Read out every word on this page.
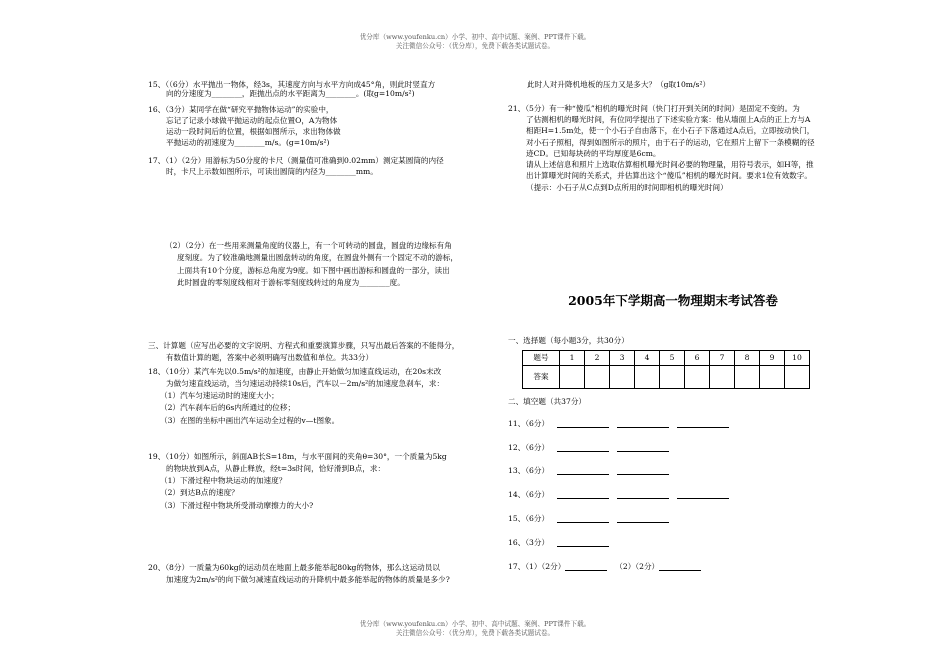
优分库（www.youfenku.cn）小学、初中、高中试题、案例、PPT课件下载。
关注微信公众号：（优分库），免费下载各类试题试卷。
15、（（6分）水平抛出一物体，经3s，其速度方向与水平方向成45°角，则此时竖直方
向的分速度为________，距抛出点的水平距离为________。(取g=10m/s²)
16、（3分）某同学在做“研究平抛物体运动”的实验中，
忘记了记录小球做平抛运动的起点位置O，A为物体
运动一段时间后的位置，根据如图所示，求出物体做
平抛运动的初速度为________m/s。(g=10m/s²)
17、（1）（2分）用游标为50分度的卡尺（测量值可准确到0.02mm）测定某圆筒的内径
时，卡尺上示数如图所示，可读出圆筒的内径为________mm。
（2）（2分）在一些用来测量角度的仪器上，有一个可转动的圆盘，圆盘的边缘标有角
度刻度。为了较准确地测量出圆盘转动的角度，在圆盘外侧有一个固定不动的游标，
上面共有10个分度，游标总角度为9度。如下图中画出游标和圆盘的一部分，读出
此时圆盘的零刻度线相对于游标零刻度线转过的角度为________度。
三、计算题（应写出必要的文字说明、方程式和重要演算步骤，只写出最后答案的不能得分，
有数值计算的题，答案中必须明确写出数值和单位。共33分）
18、（10分）某汽车先以0.5m/s²的加速度，由静止开始做匀加速直线运动，在20s末改
为做匀速直线运动，当匀速运动持续10s后，汽车以－2m/s²的加速度急刹车，求：
（1）汽车匀速运动时的速度大小；
（2）汽车刹车后的6s内所通过的位移；
（3）在图的坐标中画出汽车运动全过程的v—t图象。
19、（10分）如图所示，斜面AB长S=18m，与水平面间的夹角θ=30°，一个质量为5kg
的物块放到A点，从静止释放，经t=3s时间，恰好滑到B点，求：
（1）下滑过程中物块运动的加速度？
（2）到达B点的速度？
（3）下滑过程中物块所受滑动摩擦力的大小?
20、（8分）一质量为60kg的运动员在地面上最多能举起80kg的物体，那么这运动员以
加速度为2m/s²的向下做匀减速直线运动的升降机中最多能举起的物体的质量是多少?
此时人对升降机地板的压力又是多大？（g取10m/s²）
21、（5分）有一种“傻瓜”相机的曝光时间（快门打开到关闭的时间）是固定不变的。为
了估测相机的曝光时间，有位同学提出了下述实验方案：他从墙面上A点的正上方与A
相距H=1.5m处，使一个小石子自由落下，在小石子下落通过A点后，立即按动快门，
对小石子照相，得到如图所示的照片，由于石子的运动，它在照片上留下一条模糊的径
迹CD。已知每块砖的平均厚度是6cm。
请从上述信息和照片上选取估算相机曝光时间必要的物理量，用符号表示，如H等，推
出计算曝光时间的关系式，并估算出这个“傻瓜”相机的曝光时间。要求1位有效数字。
（提示：小石子从C点到D点所用的时间即相机的曝光时间）
2005年下学期高一物理期末考试答卷
一、选择题（每小题3分，共30分）
题号	1	2	3	4	5	6	7	8	9	10
答案										
二、填空题（共37分）
11、（6分）
12、（6分）
13、（6分）
14、（6分）
15、（6分）
16、（3分）
17、（1）（2分）	（2）（2分）
优分库（www.youfenku.cn）小学、初中、高中试题、案例、PPT课件下载。
关注微信公众号：（优分库），免费下载各类试题试卷。
